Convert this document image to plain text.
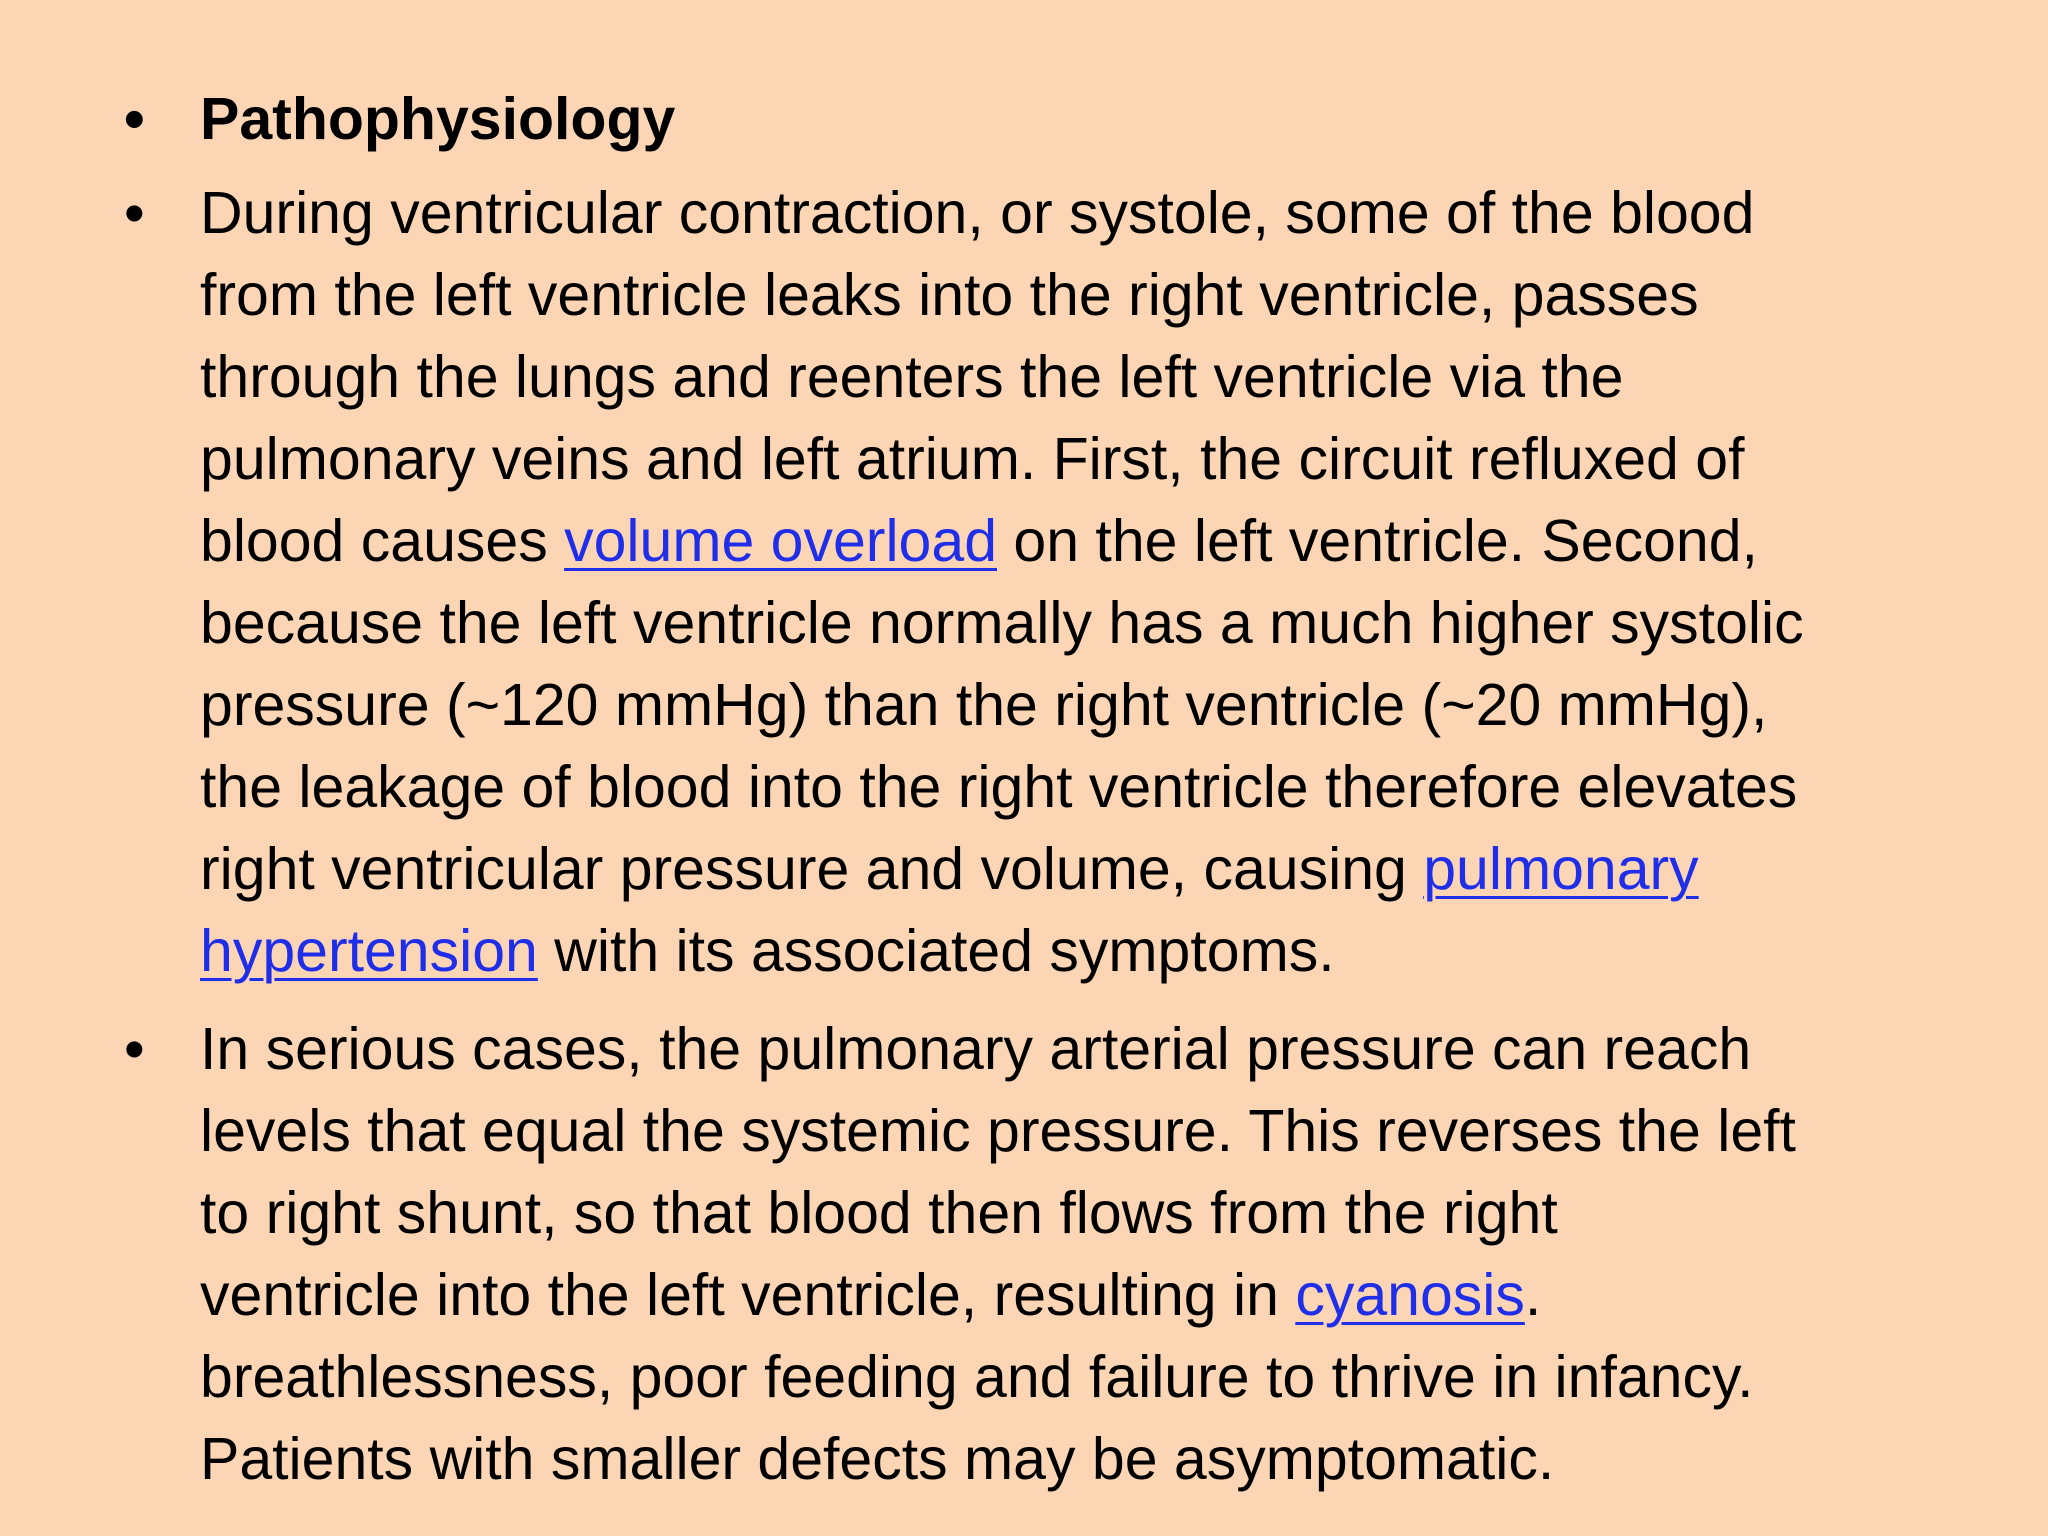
• Pathophysiology
• During ventricular contraction, or systole, some of the blood
from the left ventricle leaks into the right ventricle, passes
through the lungs and reenters the left ventricle via the
pulmonary veins and left atrium. First, the circuit refluxed of
blood causes volume overload on the left ventricle. Second,
because the left ventricle normally has a much higher systolic
pressure (~120 mmHg) than the right ventricle (~20 mmHg),
the leakage of blood into the right ventricle therefore elevates
right ventricular pressure and volume, causing pulmonary
hypertension with its associated symptoms.
• In serious cases, the pulmonary arterial pressure can reach
levels that equal the systemic pressure. This reverses the left
to right shunt, so that blood then flows from the right
ventricle into the left ventricle, resulting in cyanosis.
breathlessness, poor feeding and failure to thrive in infancy.
Patients with smaller defects may be asymptomatic.
